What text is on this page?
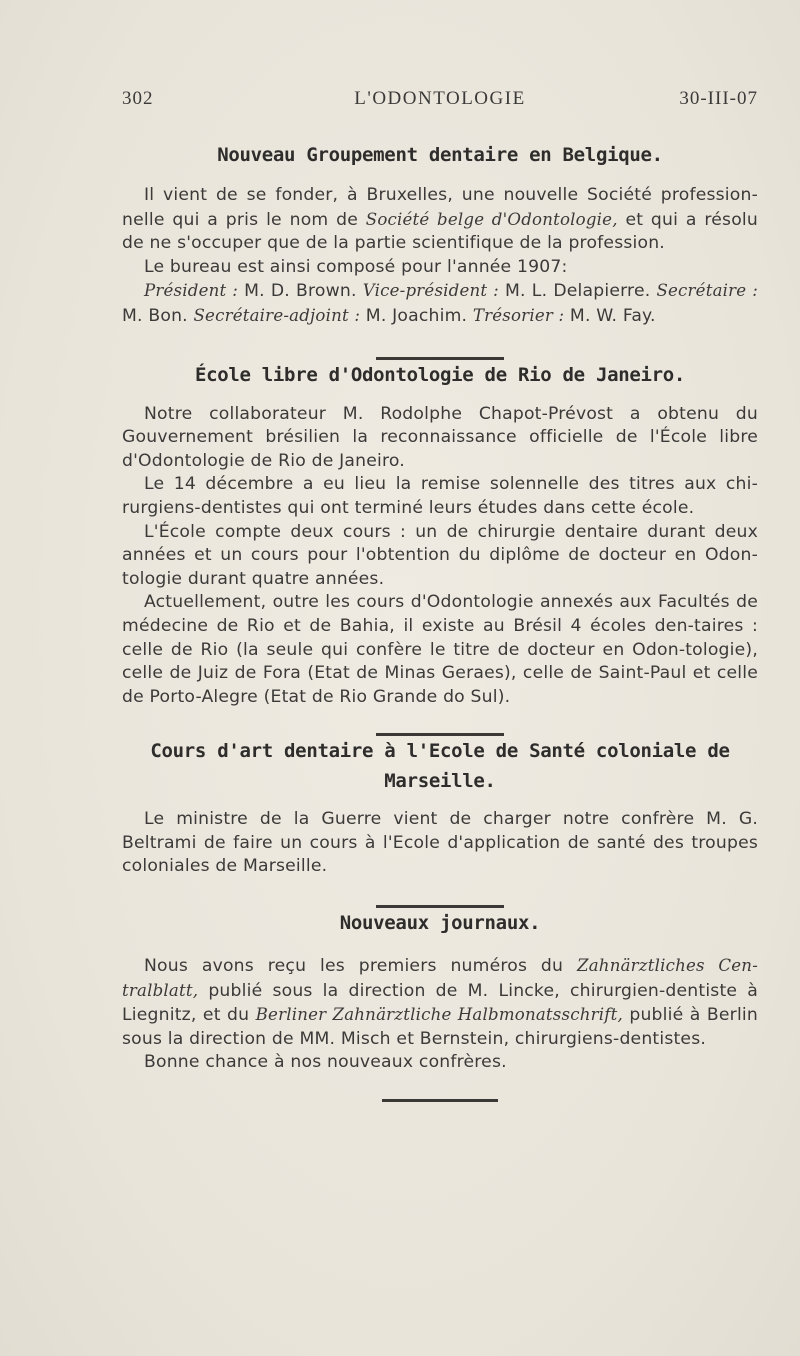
302	L'ODONTOLOGIE	30-III-07
Nouveau Groupement dentaire en Belgique.

Il vient de se fonder, à Bruxelles, une nouvelle Société profession-nelle qui a pris le nom de Société belge d'Odontologie, et qui a résolu de ne s'occuper que de la partie scientifique de la profession.

Le bureau est ainsi composé pour l'année 1907:

Président : M. D. Brown. Vice-président : M. L. Delapierre. Secrétaire : M. Bon. Secrétaire-adjoint : M. Joachim. Trésorier : M. W. Fay.

École libre d'Odontologie de Rio de Janeiro.

Notre collaborateur M. Rodolphe Chapot-Prévost a obtenu du Gouvernement brésilien la reconnaissance officielle de l'École libre d'Odontologie de Rio de Janeiro.

Le 14 décembre a eu lieu la remise solennelle des titres aux chi-rurgiens-dentistes qui ont terminé leurs études dans cette école.

L'École compte deux cours : un de chirurgie dentaire durant deux années et un cours pour l'obtention du diplôme de docteur en Odon-tologie durant quatre années.

Actuellement, outre les cours d'Odontologie annexés aux Facultés de médecine de Rio et de Bahia, il existe au Brésil 4 écoles den-taires : celle de Rio (la seule qui confère le titre de docteur en Odon-tologie), celle de Juiz de Fora (Etat de Minas Geraes), celle de Saint-Paul et celle de Porto-Alegre (Etat de Rio Grande do Sul).

Cours d'art dentaire à l'Ecole de Santé coloniale de Marseille.

Le ministre de la Guerre vient de charger notre confrère M. G. Beltrami de faire un cours à l'Ecole d'application de santé des troupes coloniales de Marseille.

Nouveaux journaux.

Nous avons reçu les premiers numéros du Zahnärztliches Cen-tralblatt, publié sous la direction de M. Lincke, chirurgien-dentiste à Liegnitz, et du Berliner Zahnärztliche Halbmonatsschrift, publié à Berlin sous la direction de MM. Misch et Bernstein, chirurgiens-dentistes.

Bonne chance à nos nouveaux confrères.
